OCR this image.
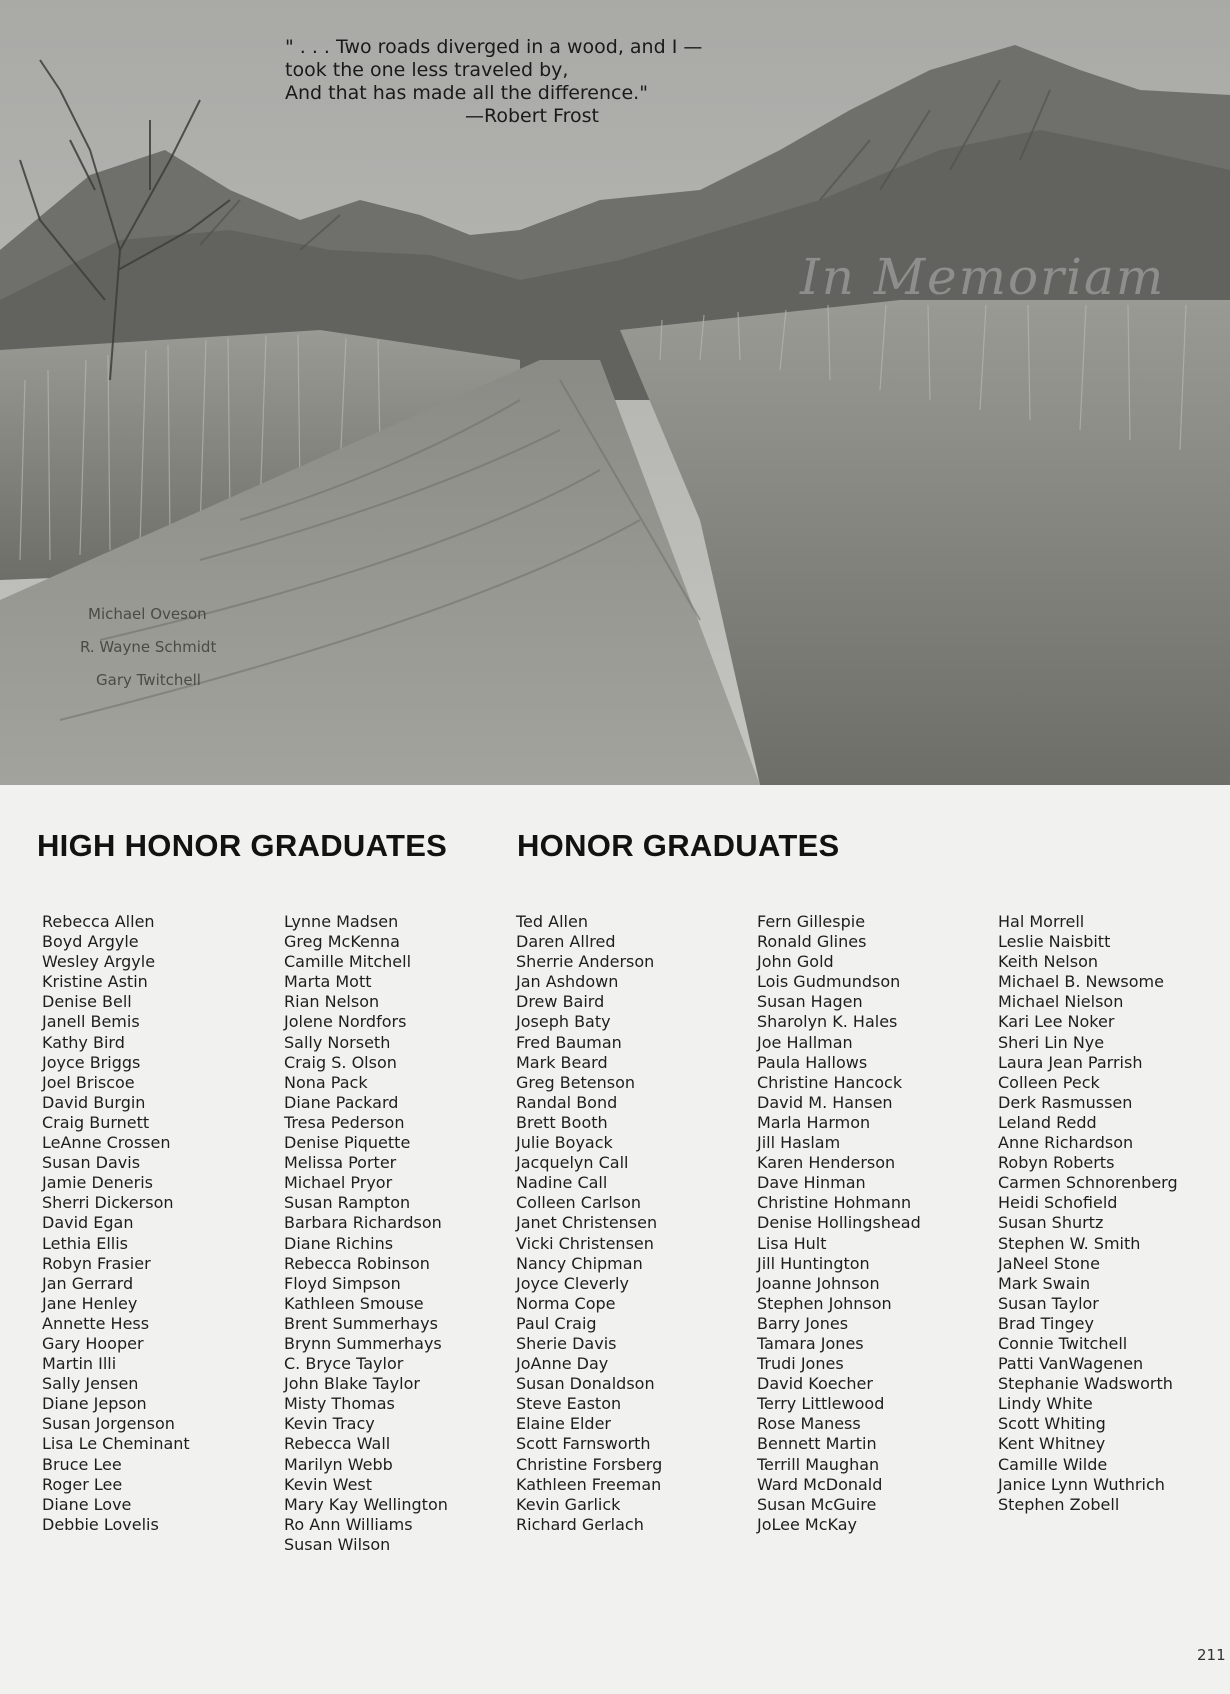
" . . . Two roads diverged in a wood, and I —
took the one less traveled by,
And that has made all the difference."
—Robert Frost
In Memoriam
Michael Oveson
R. Wayne Schmidt
Gary Twitchell
HIGH HONOR GRADUATES HONOR GRADUATES
Rebecca Allen
Boyd Argyle
Wesley Argyle
Kristine Astin
Denise Bell
Janell Bemis
Kathy Bird
Joyce Briggs
Joel Briscoe
David Burgin
Craig Burnett
LeAnne Crossen
Susan Davis
Jamie Deneris
Sherri Dickerson
David Egan
Lethia Ellis
Robyn Frasier
Jan Gerrard
Jane Henley
Annette Hess
Gary Hooper
Martin Illi
Sally Jensen
Diane Jepson
Susan Jorgenson
Lisa Le Cheminant
Bruce Lee
Roger Lee
Diane Love
Debbie Lovelis
Lynne Madsen
Greg McKenna
Camille Mitchell
Marta Mott
Rian Nelson
Jolene Nordfors
Sally Norseth
Craig S. Olson
Nona Pack
Diane Packard
Tresa Pederson
Denise Piquette
Melissa Porter
Michael Pryor
Susan Rampton
Barbara Richardson
Diane Richins
Rebecca Robinson
Floyd Simpson
Kathleen Smouse
Brent Summerhays
Brynn Summerhays
C. Bryce Taylor
John Blake Taylor
Misty Thomas
Kevin Tracy
Rebecca Wall
Marilyn Webb
Kevin West
Mary Kay Wellington
Ro Ann Williams
Susan Wilson
Ted Allen
Daren Allred
Sherrie Anderson
Jan Ashdown
Drew Baird
Joseph Baty
Fred Bauman
Mark Beard
Greg Betenson
Randal Bond
Brett Booth
Julie Boyack
Jacquelyn Call
Nadine Call
Colleen Carlson
Janet Christensen
Vicki Christensen
Nancy Chipman
Joyce Cleverly
Norma Cope
Paul Craig
Sherie Davis
JoAnne Day
Susan Donaldson
Steve Easton
Elaine Elder
Scott Farnsworth
Christine Forsberg
Kathleen Freeman
Kevin Garlick
Richard Gerlach
Fern Gillespie
Ronald Glines
John Gold
Lois Gudmundson
Susan Hagen
Sharolyn K. Hales
Joe Hallman
Paula Hallows
Christine Hancock
David M. Hansen
Marla Harmon
Jill Haslam
Karen Henderson
Dave Hinman
Christine Hohmann
Denise Hollingshead
Lisa Hult
Jill Huntington
Joanne Johnson
Stephen Johnson
Barry Jones
Tamara Jones
Trudi Jones
David Koecher
Terry Littlewood
Rose Maness
Bennett Martin
Terrill Maughan
Ward McDonald
Susan McGuire
JoLee McKay
Hal Morrell
Leslie Naisbitt
Keith Nelson
Michael B. Newsome
Michael Nielson
Kari Lee Noker
Sheri Lin Nye
Laura Jean Parrish
Colleen Peck
Derk Rasmussen
Leland Redd
Anne Richardson
Robyn Roberts
Carmen Schnorenberg
Heidi Schofield
Susan Shurtz
Stephen W. Smith
JaNeel Stone
Mark Swain
Susan Taylor
Brad Tingey
Connie Twitchell
Patti VanWagenen
Stephanie Wadsworth
Lindy White
Scott Whiting
Kent Whitney
Camille Wilde
Janice Lynn Wuthrich
Stephen Zobell
211
